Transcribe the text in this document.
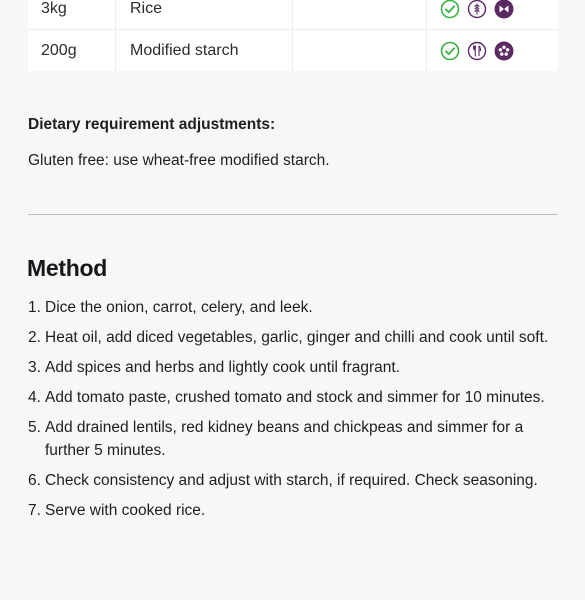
3kg	Rice
200g	Modified starch
Dietary requirement adjustments:
Gluten free: use wheat-free modified starch.
Method
1. Dice the onion, carrot, celery, and leek.
2. Heat oil, add diced vegetables, garlic, ginger and chilli and cook until soft.
3. Add spices and herbs and lightly cook until fragrant.
4. Add tomato paste, crushed tomato and stock and simmer for 10 minutes.
5. Add drained lentils, red kidney beans and chickpeas and simmer for a further 5 minutes.
6. Check consistency and adjust with starch, if required. Check seasoning.
7. Serve with cooked rice.
